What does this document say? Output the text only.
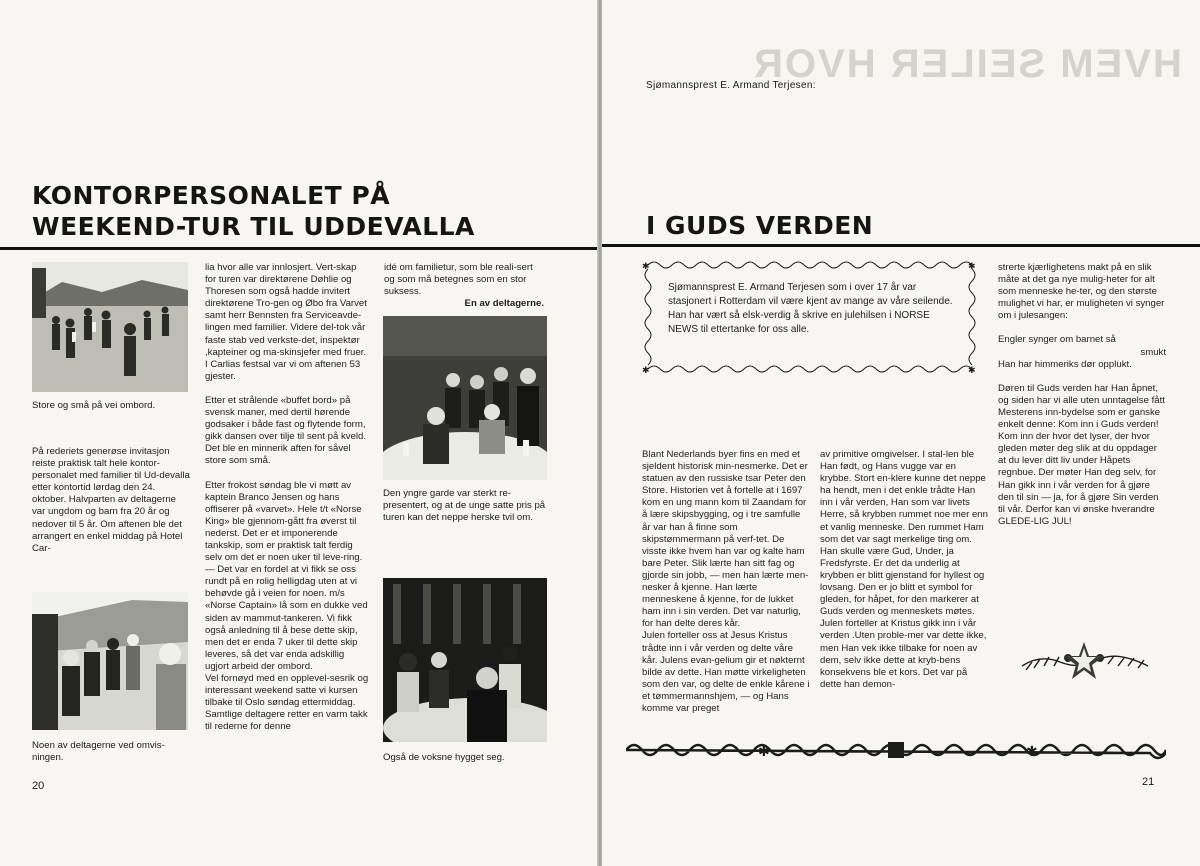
KONTORPERSONALET PÅ
WEEKEND-TUR TIL UDDEVALLA

Store og små på vei ombord.

På rederiets generøse invitasjon reiste praktisk talt hele kontor-personalet med familier til Ud-devalla etter kontortid lørdag den 24. oktober. Halvparten av deltagerne var ungdom og barn fra 20 år og nedover til 5 år. Om aftenen ble det arrangert en enkel middag på Hotel Car-

Noen av deltagerne ved omvis-
ningen.

lia hvor alle var innlosjert. Vert-skap for turen var direktørene Døhlie og Thoresen som også hadde invitert direktørene Tro-gen og Øbo fra Varvet samt herr Bennsten fra Serviceavde-lingen med familier. Videre del-tok vår faste stab ved verkste-det, inspektør ,kapteiner og ma-skinsjefer med fruer. I Carlias festsal var vi om aftenen 53 gjester.

Etter et strålende «buffet bord» på svensk maner, med dertil hørende godsaker i både fast og flytende form, gikk dansen over tilje til sent på kveld. Det ble en minnerik aften for såvel store som små.

Etter frokost søndag ble vi møtt av kaptein Branco Jensen og hans offiserer på «varvet». Hele t/t «Norse King» ble gjennom-gått fra øverst til nederst. Det er et imponerende tankskip, som er praktisk talt ferdig selv om det er noen uker til leve-ring. — Det var en fordel at vi fikk se oss rundt på en rolig helligdag uten at vi behøvde gå i veien for noen. m/s «Norse Captain» lå som en dukke ved siden av mammut-tankeren. Vi fikk også anledning til å bese dette skip, men det er enda 7 uker til dette skip leveres, så det var enda adskillig ugjort arbeid der ombord.

Vel fornøyd med en opplevel-sesrik og interessant weekend satte vi kursen tilbake til Oslo søndag ettermiddag.

Samtlige deltagere retter en varm takk til rederne for denne

idé om familietur, som ble reali-sert og som må betegnes som en stor suksess.

En av deltagerne.

Den yngre garde var sterkt re-presentert, og at de unge satte pris på turen kan det neppe herske tvil om.

Også de voksne hygget seg.

20
HVEM SEILER HVOR
Sjømannsprest E. Armand Terjesen:
I GUDS VERDEN
✱	✱
✱	✱

Sjømannsprest E. Armand Terjesen som i over 17 år var stasjonert i Rotterdam vil være kjent av mange av våre seilende. Han har vært så elsk-verdig å skrive en julehilsen i NORSE NEWS til ettertanke for oss alle.

Blant Nederlands byer fins en med et sjeldent historisk min-nesmerke. Det er statuen av den russiske tsar Peter den Store. Historien vet å fortelle at i 1697 kom en ung mann kom til Zaandam for å lære skipsbygging, og i tre samfulle år var han å finne som skipstømmermann på verf-tet. De visste ikke hvem han var og kalte ham bare Peter. Slik lærte han sitt fag og gjorde sin jobb, — men han lærte men-nesker å kjenne. Han lærte menneskene å kjenne, for de lukket ham inn i sin verden. Det var naturlig, for han delte deres kår.
Julen forteller oss at Jesus Kristus trådte inn i vår verden og delte våre kår. Julens evan-gelium gir et nøkternt bilde av dette. Han møtte virkeligheten som den var, og delte de enkle kårene i et tømmermannshjem, — og Hans komme var preget

av primitive omgivelser. I stal-len ble Han født, og Hans vugge var en krybbe. Stort en-klere kunne det neppe ha hendt, men i det enkle trådte Han inn i vår verden, Han som var livets Herre, så krybben rummet noe mer enn et vanlig menneske. Den rummet Ham som det var sagt merkelige ting om. Han skulle være Gud, Under, ja Fredsfyrste. Er det da underlig at krybben er blitt gjenstand for hyllest og lovsang. Den er jo blitt et symbol for gleden, for håpet, for den markerer at Guds verden og menneskets møtes.
Julen forteller at Kristus gikk inn i vår verden .Uten proble-mer var dette ikke, men Han vek ikke tilbake for noen av dem, selv ikke dette at kryb-bens konsekvens ble et kors. Det var på dette han demon-

strerte kjærlighetens makt på en slik måte at det ga nye mulig-heter for alt som menneske he-ter, og den største mulighet vi har, er muligheten vi synger om i julesangen:

Engler synger om barnet så

smukt

Han har himmeriks dør opplukt.

Døren til Guds verden har Han åpnet, og siden har vi alle uten unntagelse fått Mesterens inn-bydelse som er ganske enkelt denne: Kom inn i Guds verden! Kom inn der hvor det lyser, der hvor gleden møter deg slik at du oppdager at du lever ditt liv under Håpets regnbue. Der møter Han deg selv, for Han gikk inn i vår verden for å gjøre den til sin — ja, for å gjøre Sin verden til vår. Derfor kan vi ønske hverandre GLEDE-LIG JUL!

✱	✱
21
